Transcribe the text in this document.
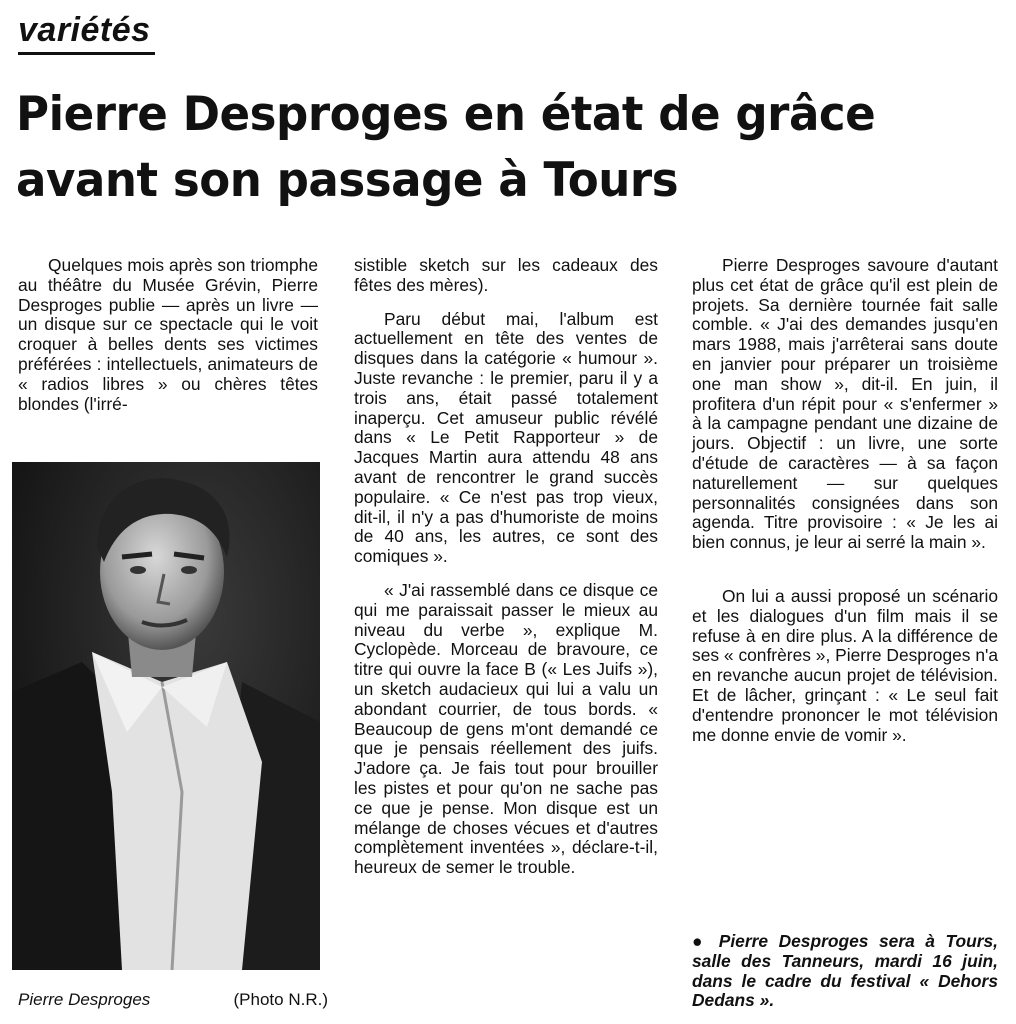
variétés
Pierre Desproges en état de grâce
avant son passage à Tours

Quelques mois après son triomphe au théâtre du Musée Grévin, Pierre Desproges publie — après un livre — un disque sur ce spectacle qui le voit croquer à belles dents ses victimes préférées : intellectuels, animateurs de « radios libres » ou chères têtes blondes (l'irré-

Pierre Desproges	(Photo N.R.)

sistible sketch sur les cadeaux des fêtes des mères).

Paru début mai, l'album est actuellement en tête des ventes de disques dans la catégorie « humour ». Juste revanche : le premier, paru il y a trois ans, était passé totalement inaperçu. Cet amuseur public révélé dans « Le Petit Rapporteur » de Jacques Martin aura attendu 48 ans avant de rencontrer le grand succès populaire. « Ce n'est pas trop vieux, dit-il, il n'y a pas d'humoriste de moins de 40 ans, les autres, ce sont des comiques ».

« J'ai rassemblé dans ce disque ce qui me paraissait passer le mieux au niveau du verbe », explique M. Cyclopède. Morceau de bravoure, ce titre qui ouvre la face B (« Les Juifs »), un sketch audacieux qui lui a valu un abondant courrier, de tous bords. « Beaucoup de gens m'ont demandé ce que je pensais réellement des juifs. J'adore ça. Je fais tout pour brouiller les pistes et pour qu'on ne sache pas ce que je pense. Mon disque est un mélange de choses vécues et d'autres complètement inventées », déclare-t-il, heureux de semer le trouble.

Pierre Desproges savoure d'autant plus cet état de grâce qu'il est plein de projets. Sa dernière tournée fait salle comble. « J'ai des demandes jusqu'en mars 1988, mais j'arrêterai sans doute en janvier pour préparer un troisième one man show », dit-il. En juin, il profitera d'un répit pour « s'enfermer » à la campagne pendant une dizaine de jours. Objectif : un livre, une sorte d'étude de caractères — à sa façon naturellement — sur quelques personnalités consignées dans son agenda. Titre provisoire : « Je les ai bien connus, je leur ai serré la main ».

On lui a aussi proposé un scénario et les dialogues d'un film mais il se refuse à en dire plus. A la différence de ses « confrères », Pierre Desproges n'a en revanche aucun projet de télévision. Et de lâcher, grinçant : « Le seul fait d'entendre prononcer le mot télévision me donne envie de vomir ».

● Pierre Desproges sera à Tours, salle des Tanneurs, mardi 16 juin, dans le cadre du festival « Dehors Dedans ».
